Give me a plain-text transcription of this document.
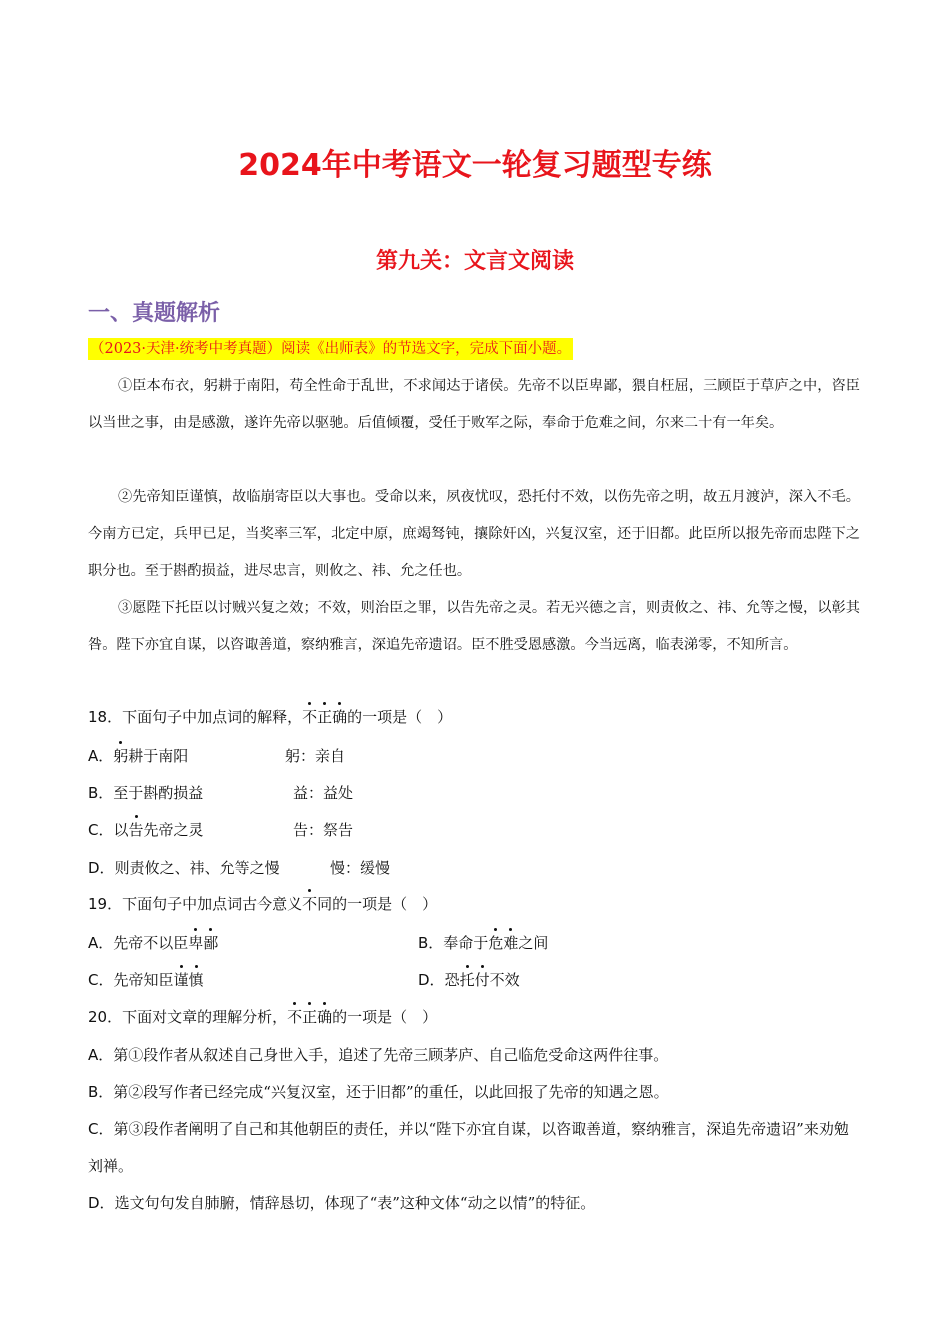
2024年中考语文一轮复习题型专练
第九关：文言文阅读
一、真题解析
（2023·天津·统考中考真题）阅读《出师表》的节选文字，完成下面小题。
①臣本布衣，躬耕于南阳，苟全性命于乱世，不求闻达于诸侯。先帝不以臣卑鄙，猥自枉屈，三顾臣于草庐之中，咨臣以当世之事，由是感激，遂许先帝以驱驰。后值倾覆，受任于败军之际，奉命于危难之间，尔来二十有一年矣。
②先帝知臣谨慎，故临崩寄臣以大事也。受命以来，夙夜忧叹，恐托付不效，以伤先帝之明，故五月渡泸，深入不毛。今南方已定，兵甲已足，当奖率三军，北定中原，庶竭驽钝，攘除奸凶，兴复汉室，还于旧都。此臣所以报先帝而忠陛下之职分也。至于斟酌损益，进尽忠言，则攸之、祎、允之任也。
③愿陛下托臣以讨贼兴复之效；不效，则治臣之罪，以告先帝之灵。若无兴德之言，则责攸之、祎、允等之慢，以彰其咎。陛下亦宜自谋，以咨诹善道，察纳雅言，深追先帝遗诏。臣不胜受恩感激。今当远离，临表涕零，不知所言。
18．下面句子中加点词的解释，不正确的一项是（　）
A．躬耕于南阳	躬：亲自
B．至于斟酌损益	益：益处
C．以告先帝之灵	告：祭告
D．则责攸之、祎、允等之慢	慢：缓慢
19．下面句子中加点词古今意义不同的一项是（　）
A．先帝不以臣卑鄙	B．奉命于危难之间
C．先帝知臣谨慎	D．恐托付不效
20．下面对文章的理解分析，不正确的一项是（　）
A．第①段作者从叙述自己身世入手，追述了先帝三顾茅庐、自己临危受命这两件往事。
B．第②段写作者已经完成“兴复汉室，还于旧都”的重任，以此回报了先帝的知遇之恩。
C．第③段作者阐明了自己和其他朝臣的责任，并以“陛下亦宜自谋，以咨诹善道，察纳雅言，深追先帝遗诏”来劝勉刘禅。
D．选文句句发自肺腑，情辞恳切，体现了“表”这种文体“动之以情”的特征。
